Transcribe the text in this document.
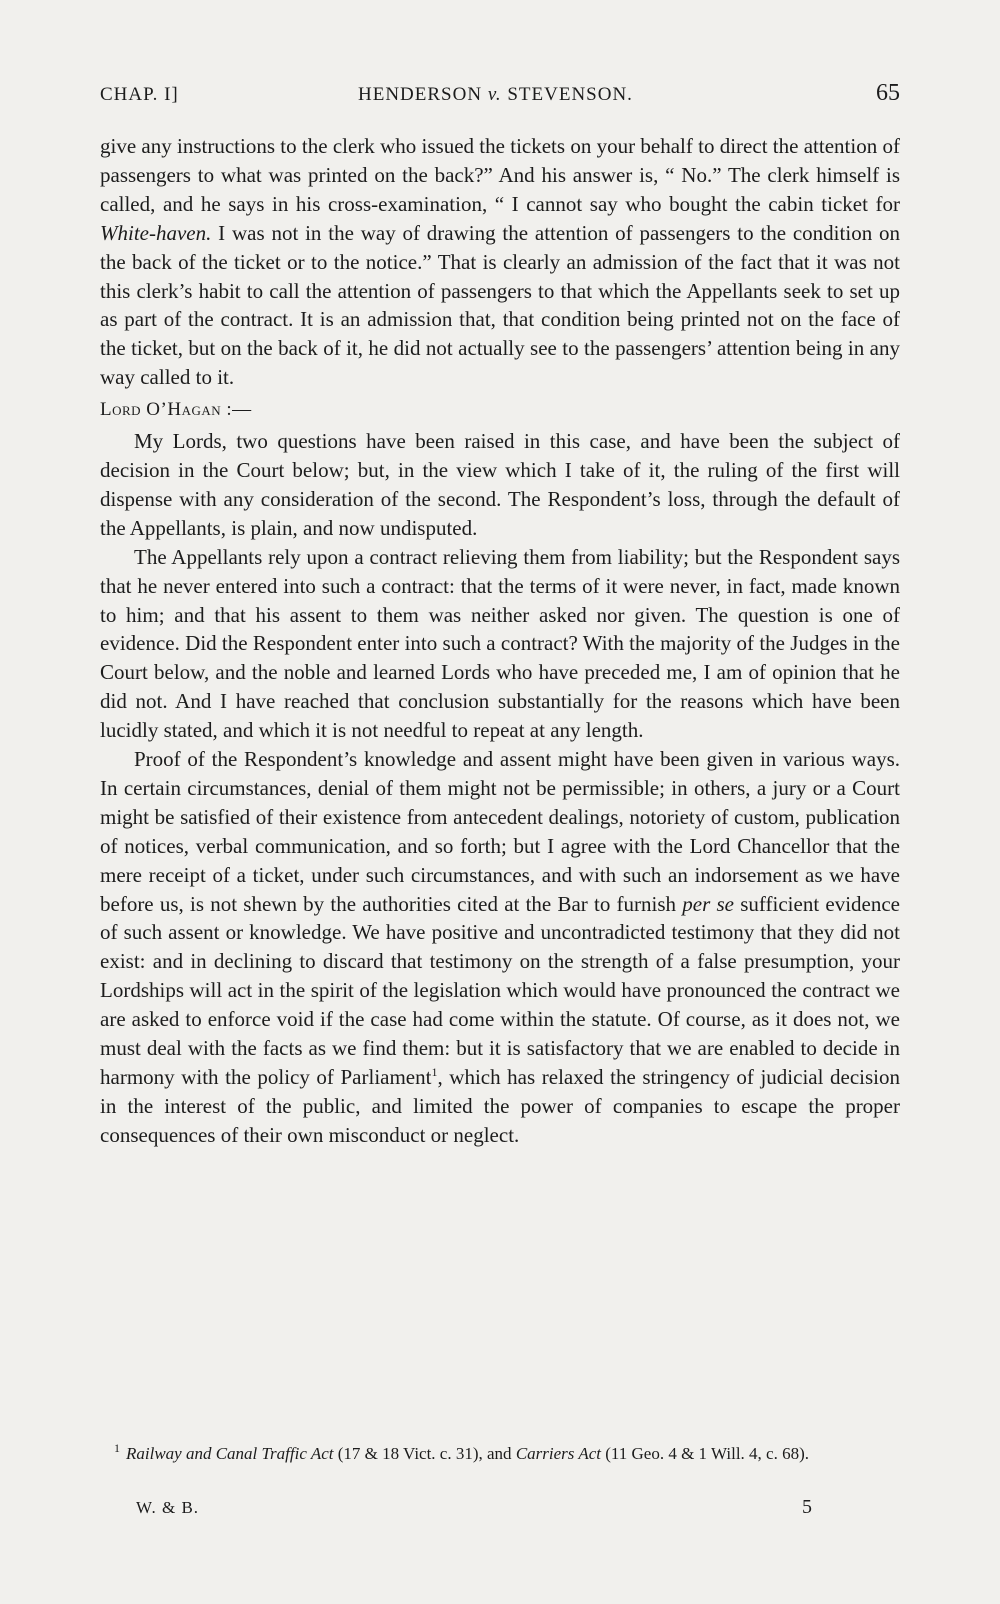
CHAP. I]	HENDERSON v. STEVENSON.	65

give any instructions to the clerk who issued the tickets on your behalf to direct the attention of passengers to what was printed on the back?” And his answer is, “ No.” The clerk himself is called, and he says in his cross-examination, “ I cannot say who bought the cabin ticket for White-haven. I was not in the way of drawing the attention of passengers to the condition on the back of the ticket or to the notice.” That is clearly an admission of the fact that it was not this clerk’s habit to call the attention of passengers to that which the Appellants seek to set up as part of the contract. It is an admission that, that condition being printed not on the face of the ticket, but on the back of it, he did not actually see to the passengers’ attention being in any way called to it.

Lord O’Hagan :—

My Lords, two questions have been raised in this case, and have been the subject of decision in the Court below; but, in the view which I take of it, the ruling of the first will dispense with any consideration of the second. The Respondent’s loss, through the default of the Appellants, is plain, and now undisputed.

The Appellants rely upon a contract relieving them from liability; but the Respondent says that he never entered into such a contract: that the terms of it were never, in fact, made known to him; and that his assent to them was neither asked nor given. The question is one of evidence. Did the Respondent enter into such a contract? With the majority of the Judges in the Court below, and the noble and learned Lords who have preceded me, I am of opinion that he did not. And I have reached that conclusion substantially for the reasons which have been lucidly stated, and which it is not needful to repeat at any length.

Proof of the Respondent’s knowledge and assent might have been given in various ways. In certain circumstances, denial of them might not be permissible; in others, a jury or a Court might be satisfied of their existence from antecedent dealings, notoriety of custom, publication of notices, verbal communication, and so forth; but I agree with the Lord Chancellor that the mere receipt of a ticket, under such circumstances, and with such an indorsement as we have before us, is not shewn by the authorities cited at the Bar to furnish per se sufficient evidence of such assent or knowledge. We have positive and uncontradicted testimony that they did not exist: and in declining to discard that testimony on the strength of a false presumption, your Lordships will act in the spirit of the legislation which would have pronounced the contract we are asked to enforce void if the case had come within the statute. Of course, as it does not, we must deal with the facts as we find them: but it is satisfactory that we are enabled to decide in harmony with the policy of Parliament$^1$, which has relaxed the stringency of judicial decision in the interest of the public, and limited the power of companies to escape the proper consequences of their own misconduct or neglect.

$^1$ Railway and Canal Traffic Act (17 & 18 Vict. c. 31), and Carriers Act (11 Geo. 4 & 1 Will. 4, c. 68).
W. & B.	5
